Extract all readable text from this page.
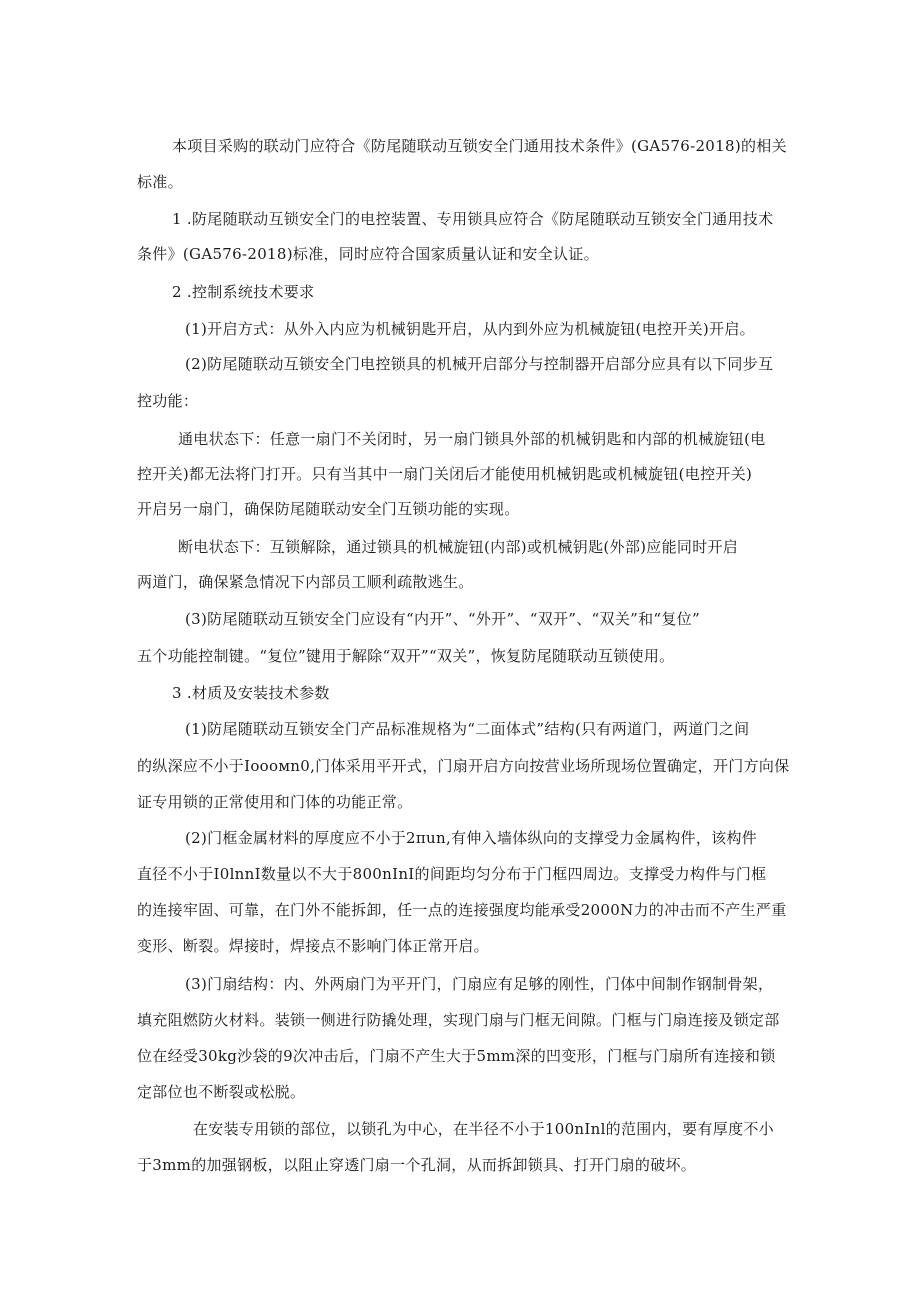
本项目采购的联动门应符合《防尾随联动互锁安全门通用技术条件》(GA576-2018)的相关
标准。
1 .防尾随联动互锁安全门的电控装置、专用锁具应符合《防尾随联动互锁安全门通用技术
条件》(GA576-2018)标准，同时应符合国家质量认证和安全认证。
2 .控制系统技术要求
(1)开启方式：从外入内应为机械钥匙开启，从内到外应为机械旋钮(电控开关)开启。
(2)防尾随联动互锁安全门电控锁具的机械开启部分与控制器开启部分应具有以下同步互
控功能：
通电状态下：任意一扇门不关闭时，另一扇门锁具外部的机械钥匙和内部的机械旋钮(电
控开关)都无法将门打开。只有当其中一扇门关闭后才能使用机械钥匙或机械旋钮(电控开关)
开启另一扇门，确保防尾随联动安全门互锁功能的实现。
断电状态下：互锁解除，通过锁具的机械旋钮(内部)或机械钥匙(外部)应能同时开启
两道门，确保紧急情况下内部员工顺利疏散逃生。
(3)防尾随联动互锁安全门应设有“内开”、“外开”、“双开”、“双关”和“复位”
五个功能控制键。“复位”键用于解除“双开”“双关”，恢复防尾随联动互锁使用。
3 .材质及安装技术参数
(1)防尾随联动互锁安全门产品标准规格为“二面体式”结构(只有两道门，两道门之间
的纵深应不小于Ioooмn0,门体采用平开式，门扇开启方向按营业场所现场位置确定，开门方向保
证专用锁的正常使用和门体的功能正常。
(2)门框金属材料的厚度应不小于2πun,有伸入墙体纵向的支撑受力金属构件，该构件
直径不小于I0lnnI数量以不大于800nInI的间距均匀分布于门框四周边。支撑受力构件与门框
的连接牢固、可靠，在门外不能拆卸，任一点的连接强度均能承受2000N力的冲击而不产生严重
变形、断裂。焊接时，焊接点不影响门体正常开启。
(3)门扇结构：内、外两扇门为平开门，门扇应有足够的刚性，门体中间制作钢制骨架，
填充阻燃防火材料。装锁一侧进行防撬处理，实现门扇与门框无间隙。门框与门扇连接及锁定部
位在经受30kg沙袋的9次冲击后，门扇不产生大于5mm深的凹变形，门框与门扇所有连接和锁
定部位也不断裂或松脱。
在安装专用锁的部位，以锁孔为中心，在半径不小于100nInl的范围内，要有厚度不小
于3mm的加强钢板，以阻止穿透门扇一个孔洞，从而拆卸锁具、打开门扇的破坏。
